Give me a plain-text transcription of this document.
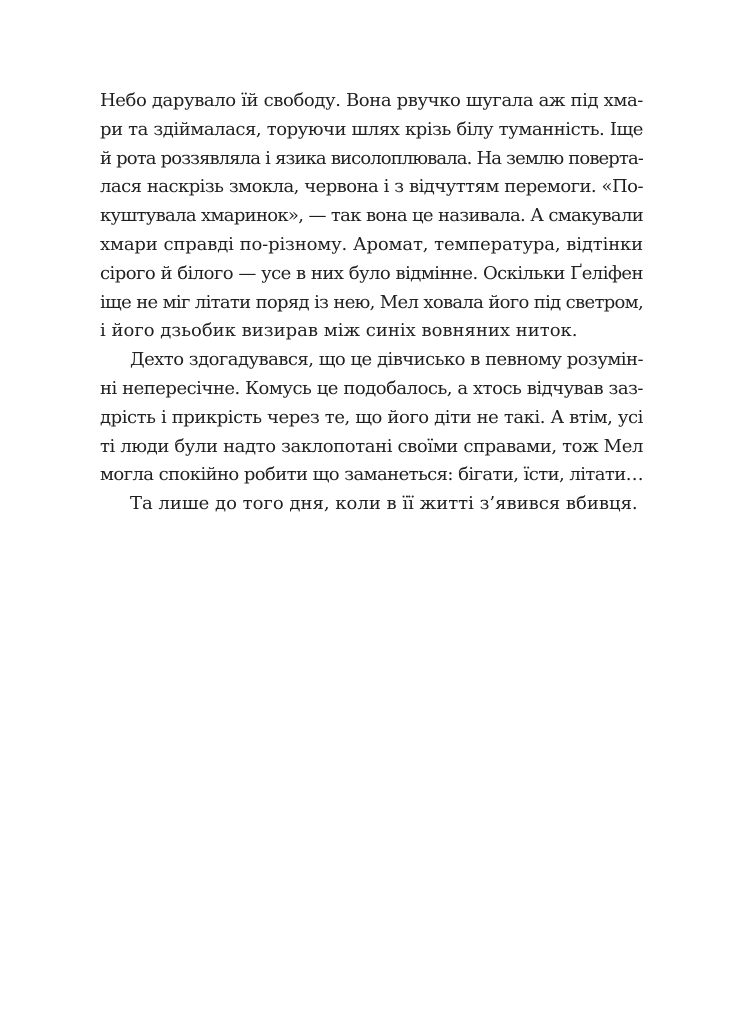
Небо дарувало їй свободу. Вона рвучко шугала аж під хма-
ри та здіймалася, торуючи шлях крізь білу туманність. Іще
й рота роззявляла і язика висолоплювала. На землю поверта-
лася наскрізь змокла, червона і з відчуттям перемоги. «По-
куштувала хмаринок», — так вона це називала. А смакували
хмари справді по-різному. Аромат, температура, відтінки
сірого й білого — усе в них було відмінне. Оскільки Ґеліфен
іще не міг літати поряд із нею, Мел ховала його під светром,
і його дзьобик визирав між синіх вовняних ниток.
Дехто здогадувався, що це дівчисько в певному розумін-
ні непересічне. Комусь це подобалось, а хтось відчував зaз-
дрість і прикрість через те, що його діти не такі. А втім, усі
ті люди були надто заклопотані своїми справами, тож Мел
могла спокійно робити що заманеться: бігати, їсти, літати…
Та лише до того дня, коли в її житті з’явився вбивця.
